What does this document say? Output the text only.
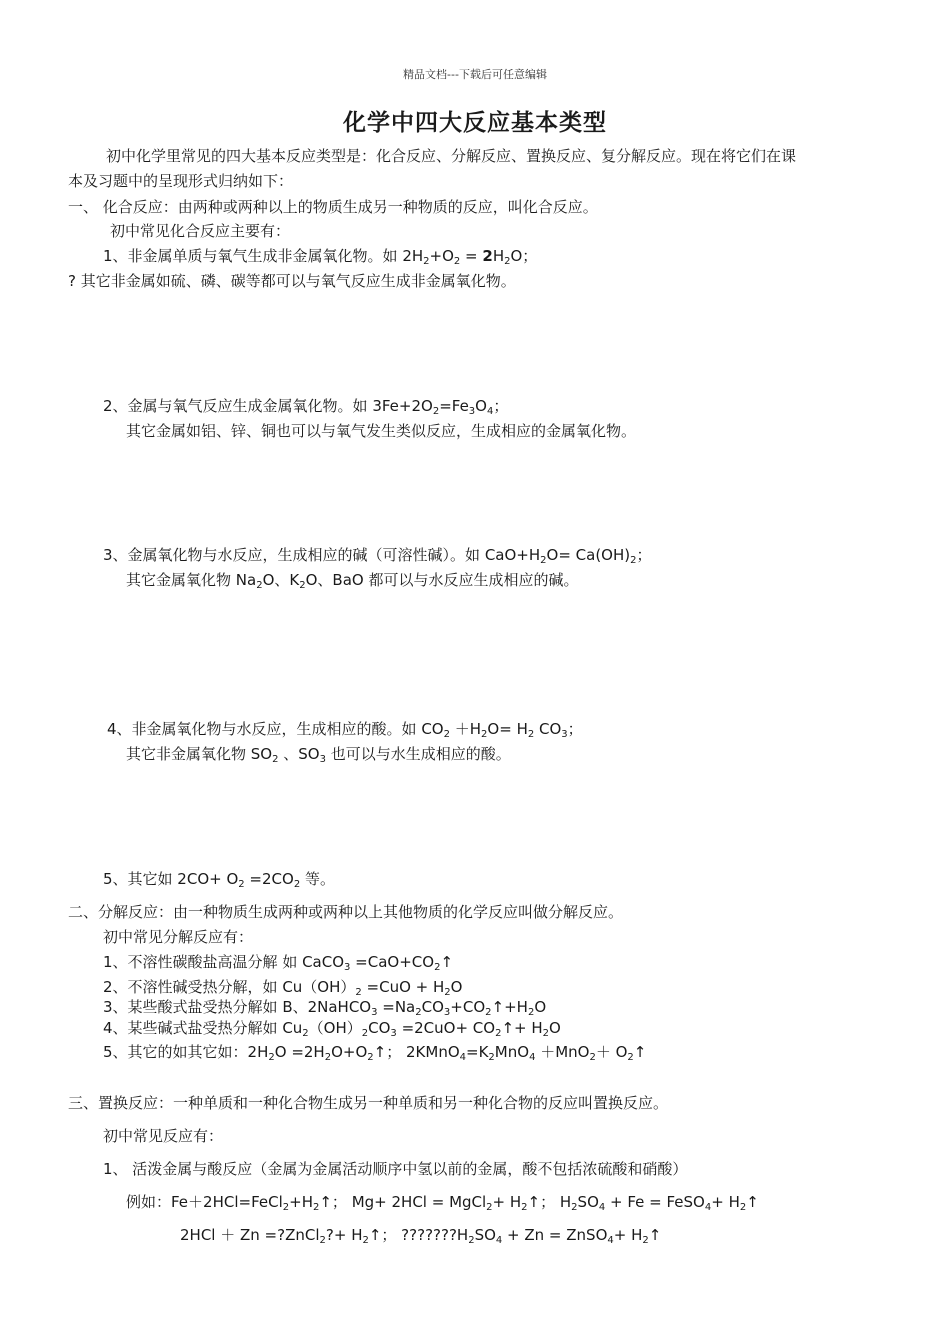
精品文档---下载后可任意编辑
化学中四大反应基本类型
初中化学里常见的四大基本反应类型是：化合反应、分解反应、置换反应、复分解反应。现在将它们在课
本及习题中的呈现形式归纳如下：
一、 化合反应：由两种或两种以上的物质生成另一种物质的反应，叫化合反应。
初中常见化合反应主要有：
1、非金属单质与氧气生成非金属氧化物。如 $2H_2+O_2 = 2H_2O$；
? 其它非金属如硫、磷、碳等都可以与氧气反应生成非金属氧化物。
2、金属与氧气反应生成金属氧化物。如 $3Fe+2O_2=Fe_3O_4$；
其它金属如铝、锌、铜也可以与氧气发生类似反应，生成相应的金属氧化物。
3、金属氧化物与水反应，生成相应的碱（可溶性碱）。如 $CaO+H_2O= Ca(OH)_2$；
其它金属氧化物 $Na_2O$、$K_2O$、BaO 都可以与水反应生成相应的碱。
4、非金属氧化物与水反应，生成相应的酸。如 $CO_2 +H_2O= H_2$ $CO_3$；
其它非金属氧化物 $SO_2$ 、$SO_3$ 也可以与水生成相应的酸。
5、其它如 $2CO+ O_2 =2CO_2$ 等。
二、分解反应：由一种物质生成两种或两种以上其他物质的化学反应叫做分解反应。
初中常见分解反应有：
1、不溶性碳酸盐高温分解 如 CaCO$_3$ $=CaO+CO_2↑$
2、不溶性碱受热分解，如 $Cu(OH)_2 =CuO + H_2O$
3、某些酸式盐受热分解如 B、2NaHCO$_3$ $=Na_2CO_3+CO_2↑+H_2O$
4、某些碱式盐受热分解如 $Cu_2(OH)_2CO_3 =2CuO+$ $CO_2↑+ H_2O$
5、其它的如其它如：$2H_2O$ $=2H_2O+O_2↑$； $2KMnO_4=K_2MnO_4 +MnO_2+$ $O_2↑$
三、置换反应：一种单质和一种化合物生成另一种单质和另一种化合物的反应叫置换反应。
初中常见反应有：
1、 活泼金属与酸反应（金属为金属活动顺序中氢以前的金属，酸不包括浓硫酸和硝酸）
例如：$Fe+2HCl=FeCl_2+H_2↑$； Mg+ 2HCl = MgCl$_2$+ $H_2↑$； $H_2SO_4 + Fe$ = FeSO$_4$+ $H_2↑$
2HCl ＋ Zn =?ZnCl$_2$?+ $H_2↑$； $???????H_2SO_4 + Zn$ = ZnSO$_4$+ $H_2↑$
